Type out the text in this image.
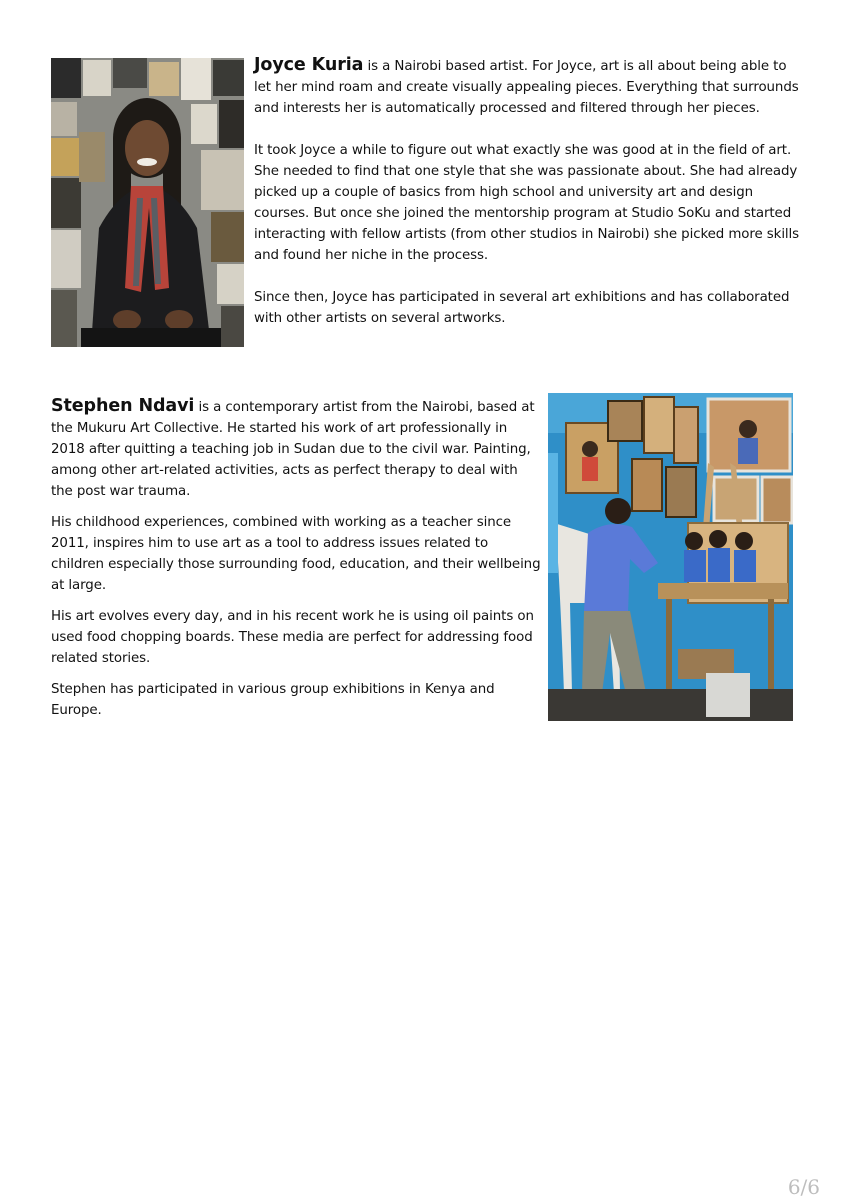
Joyce Kuria is a Nairobi based artist. For Joyce, art is all about being able to let her mind roam and create visually appealing pieces. Everything that surrounds and interests her is automatically processed and filtered through her pieces.

It took Joyce a while to figure out what exactly she was good at in the field of art. She needed to find that one style that she was passionate about. She had already picked up a couple of basics from high school and university art and design courses. But once she joined the mentorship program at Studio SoKu and started interacting with fellow artists (from other studios in Nairobi) she picked more skills and found her niche in the process.

Since then, Joyce has participated in several art exhibitions and has collaborated with other artists on several artworks.

Stephen Ndavi is a contemporary artist from the Nairobi, based at the Mukuru Art Collective. He started his work of art professionally in 2018 after quitting a teaching job in Sudan due to the civil war. Painting, among other art-related activities, acts as perfect therapy to deal with the post war trauma.

His childhood experiences, combined with working as a teacher since 2011, inspires him to use art as a tool to address issues related to children especially those surrounding food, education, and their wellbeing at large.

His art evolves every day, and in his recent work he is using oil paints on used food chopping boards. These media are perfect for addressing food related stories.

Stephen has participated in various group exhibitions in Kenya and Europe.

6/6
